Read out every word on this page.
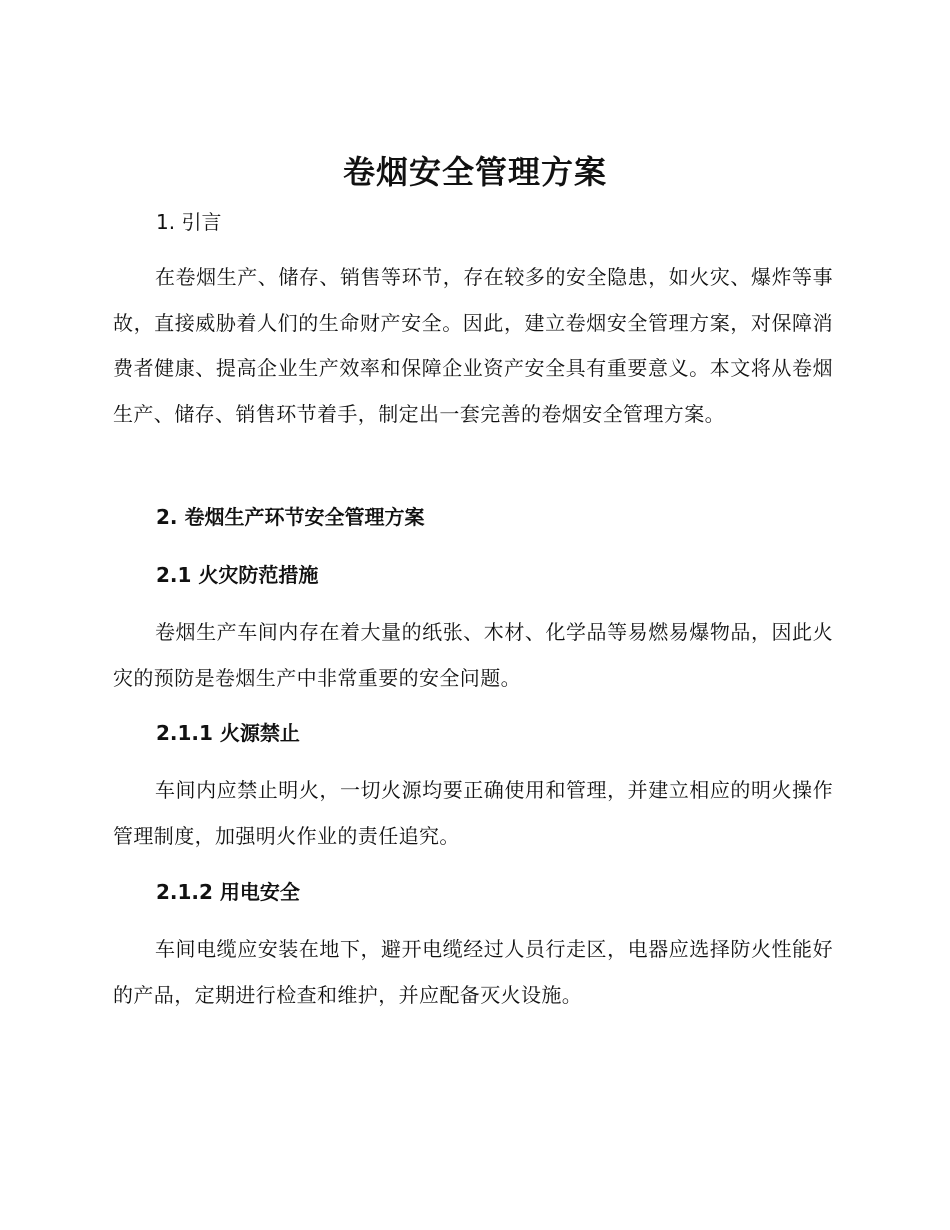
卷烟安全管理方案
1. 引言

在卷烟生产、储存、销售等环节，存在较多的安全隐患，如火灾、爆炸等事故，直接威胁着人们的生命财产安全。因此，建立卷烟安全管理方案，对保障消费者健康、提高企业生产效率和保障企业资产安全具有重要意义。本文将从卷烟生产、储存、销售环节着手，制定出一套完善的卷烟安全管理方案。

2. 卷烟生产环节安全管理方案
2.1 火灾防范措施

卷烟生产车间内存在着大量的纸张、木材、化学品等易燃易爆物品，因此火灾的预防是卷烟生产中非常重要的安全问题。

2.1.1 火源禁止

车间内应禁止明火，一切火源均要正确使用和管理，并建立相应的明火操作管理制度，加强明火作业的责任追究。

2.1.2 用电安全

车间电缆应安装在地下，避开电缆经过人员行走区，电器应选择防火性能好的产品，定期进行检查和维护，并应配备灭火设施。
